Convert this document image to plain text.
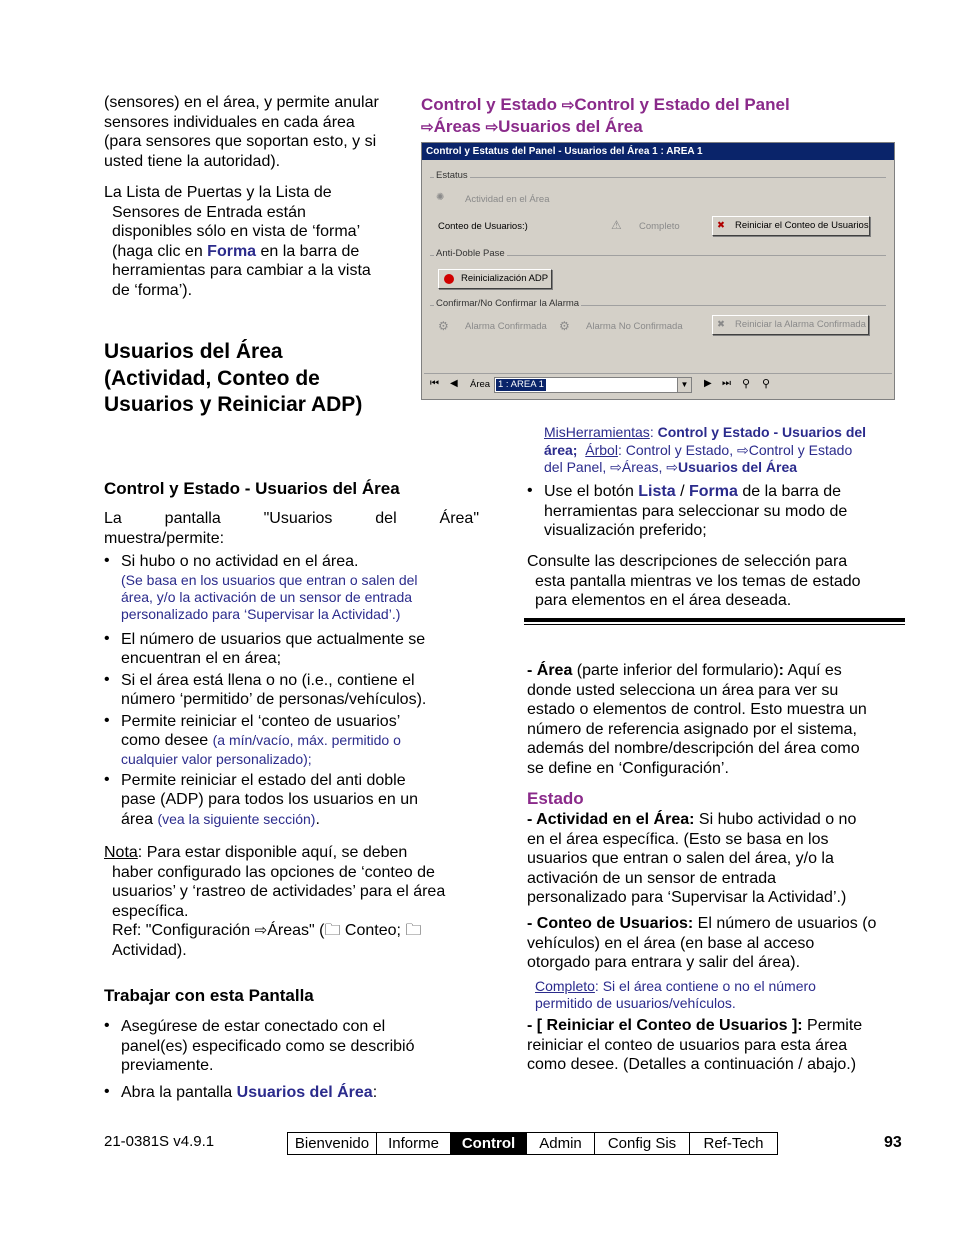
(sensores) en el área, y permite anular

sensores individuales en cada área

(para sensores que soportan esto, y si

usted tiene la autoridad).

La Lista de Puertas y la Lista de

Sensores de Entrada están

disponibles sólo en vista de ‘forma’

(haga clic en Forma en la barra de

herramientas para cambiar a la vista

de ‘forma’).

Usuarios del Área
(Actividad, Conteo de
Usuarios y Reiniciar ADP)
Control y Estado - Usuarios del Área

La	pantalla	"Usuarios	del	Área"

muestra/permite:

• Si hubo o no actividad en el área.

(Se basa en los usuarios que entran o salen del
área, y/o la activación de un sensor de entrada
personalizado para ‘Supervisar la Actividad’.)
• El número de usuarios que actualmente se

encuentran el en área;

• Si el área está llena o no (i.e., contiene el

número ‘permitido’ de personas/vehículos).

• Permite reiniciar el ‘conteo de usuarios’

como desee (a mín/vacío, máx. permitido o

cualquier valor personalizado);
• Permite reiniciar el estado del anti doble

pase (ADP) para todos los usuarios en un

área (vea la siguiente sección).

Nota: Para estar disponible aquí, se deben

haber configurado las opciones de ‘conteo de

usuarios’ y ‘rastreo de actividades’ para el área

específica.

Ref: "Configuración ⇨Áreas" (🗀 Conteo; 🗀

Actividad).

Trabajar con esta Pantalla
• Asegúrese de estar conectado con el

panel(es) especificado como se describió

previamente.

• Abra la pantalla Usuarios del Área:

Control y Estado ⇨Control y Estado del Panel
⇨Áreas ⇨Usuarios del Área
Control y Estatus del Panel - Usuarios del Área 1 : AREA 1
Estatus
✺ Actividad en el Área
Conteo de Usuarios:)	⚠ Completo	✖ Reiniciar el Conteo de Usuarios
Anti-Doble Pase
Reinicialización ADP
Confirmar/No Confirmar la Alarma
⚙ Alarma Confirmada ⚙ Alarma No Confirmada	✖ Reiniciar la Alarma Confirmada
⏮ ◀ Área 1 : AREA 1	▼ ▶ ⏭ ⚲ ⚲
MisHerramientas: Control y Estado - Usuarios del
área; Árbol: Control y Estado, ⇨Control y Estado
del Panel, ⇨Áreas, ⇨Usuarios del Área
• Use el botón Lista / Forma de la barra de

herramientas para seleccionar su modo de

visualización preferido;

Consulte las descripciones de selección para

esta pantalla mientras ve los temas de estado

para elementos en el área deseada.

- Área (parte inferior del formulario): Aquí es

donde usted selecciona un área para ver su

estado o elementos de control. Esto muestra un

número de referencia asignado por el sistema,

además del nombre/descripción del área como

se define en ‘Configuración’.

Estado

- Actividad en el Área: Si hubo actividad o no

en el área específica. (Esto se basa en los

usuarios que entran o salen del área, y/o la

activación de un sensor de entrada

personalizado para ‘Supervisar la Actividad’.)

- Conteo de Usuarios: El número de usuarios (o

vehículos) en el área (en base al acceso

otorgado para entrara y salir del área).

Completo: Si el área contiene o no el número
permitido de usuarios/vehículos.

- [ Reiniciar el Conteo de Usuarios ]: Permite

reiniciar el conteo de usuarios para esta área

como desee. (Detalles a continuación / abajo.)

21-0381S v4.9.1	Bienvenido	Informe	Control	Admin	Config Sis	Ref-Tech	93
